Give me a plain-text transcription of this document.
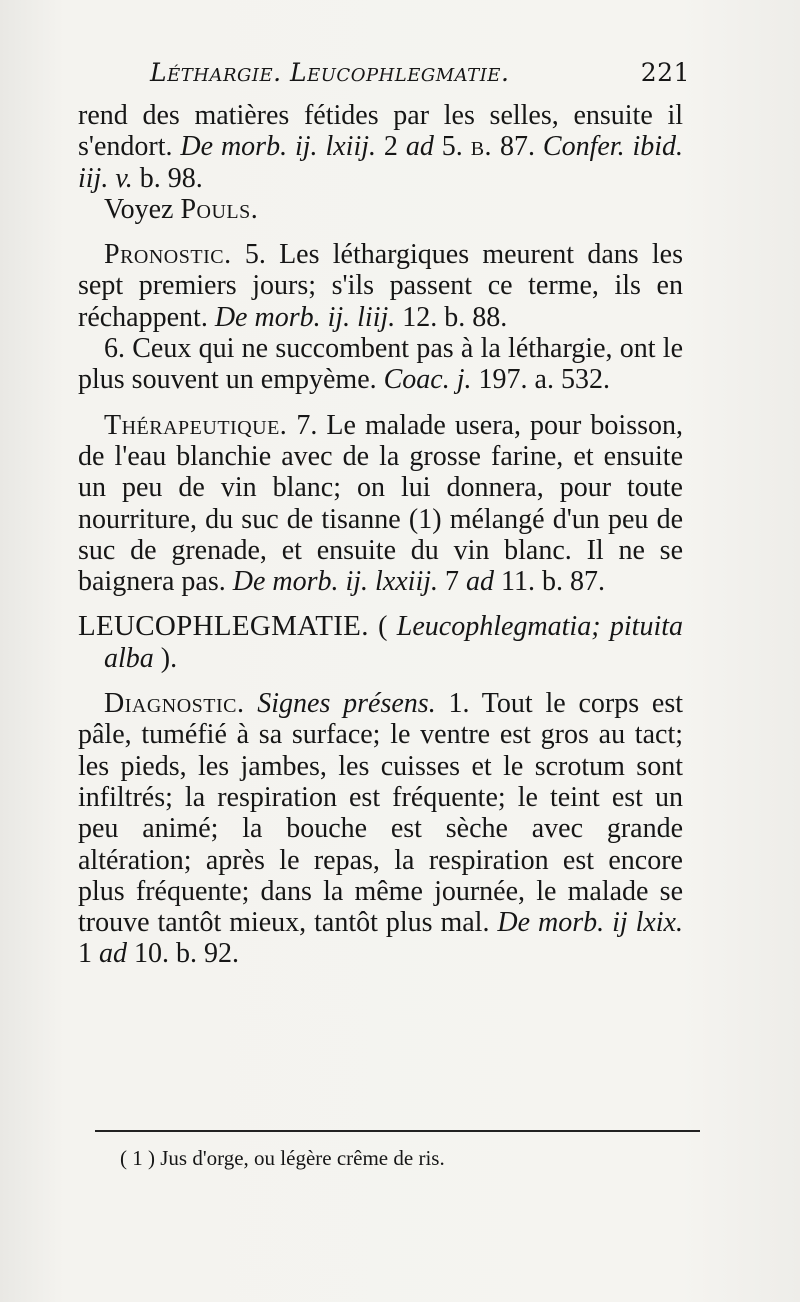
Léthargie. Leucophlegmatie.	221

rend des matières fétides par les selles, ensuite il s'endort. De morb. ij. lxiij. 2 ad 5. b. 87. Confer. ibid. iij. v. b. 98.

Voyez Pouls.

Pronostic. 5. Les léthargiques meurent dans les sept premiers jours; s'ils passent ce terme, ils en réchappent. De morb. ij. liij. 12. b. 88.

6. Ceux qui ne succombent pas à la léthargie, ont le plus souvent un empyème. Coac. j. 197. a. 532.

Thérapeutique. 7. Le malade usera, pour boisson, de l'eau blanchie avec de la grosse farine, et ensuite un peu de vin blanc; on lui donnera, pour toute nourriture, du suc de tisanne (1) mélangé d'un peu de suc de grenade, et ensuite du vin blanc. Il ne se baignera pas. De morb. ij. lxxiij. 7 ad 11. b. 87.

LEUCOPHLEGMATIE. ( Leucophlegmatia; pituita alba ).

Diagnostic. Signes présens. 1. Tout le corps est pâle, tuméfié à sa surface; le ventre est gros au tact; les pieds, les jambes, les cuisses et le scrotum sont infiltrés; la respiration est fréquente; le teint est un peu animé; la bouche est sèche avec grande altération; après le repas, la respiration est encore plus fréquente; dans la même journée, le malade se trouve tantôt mieux, tantôt plus mal. De morb. ij lxix. 1 ad 10. b. 92.

( 1 ) Jus d'orge, ou légère crême de ris.
